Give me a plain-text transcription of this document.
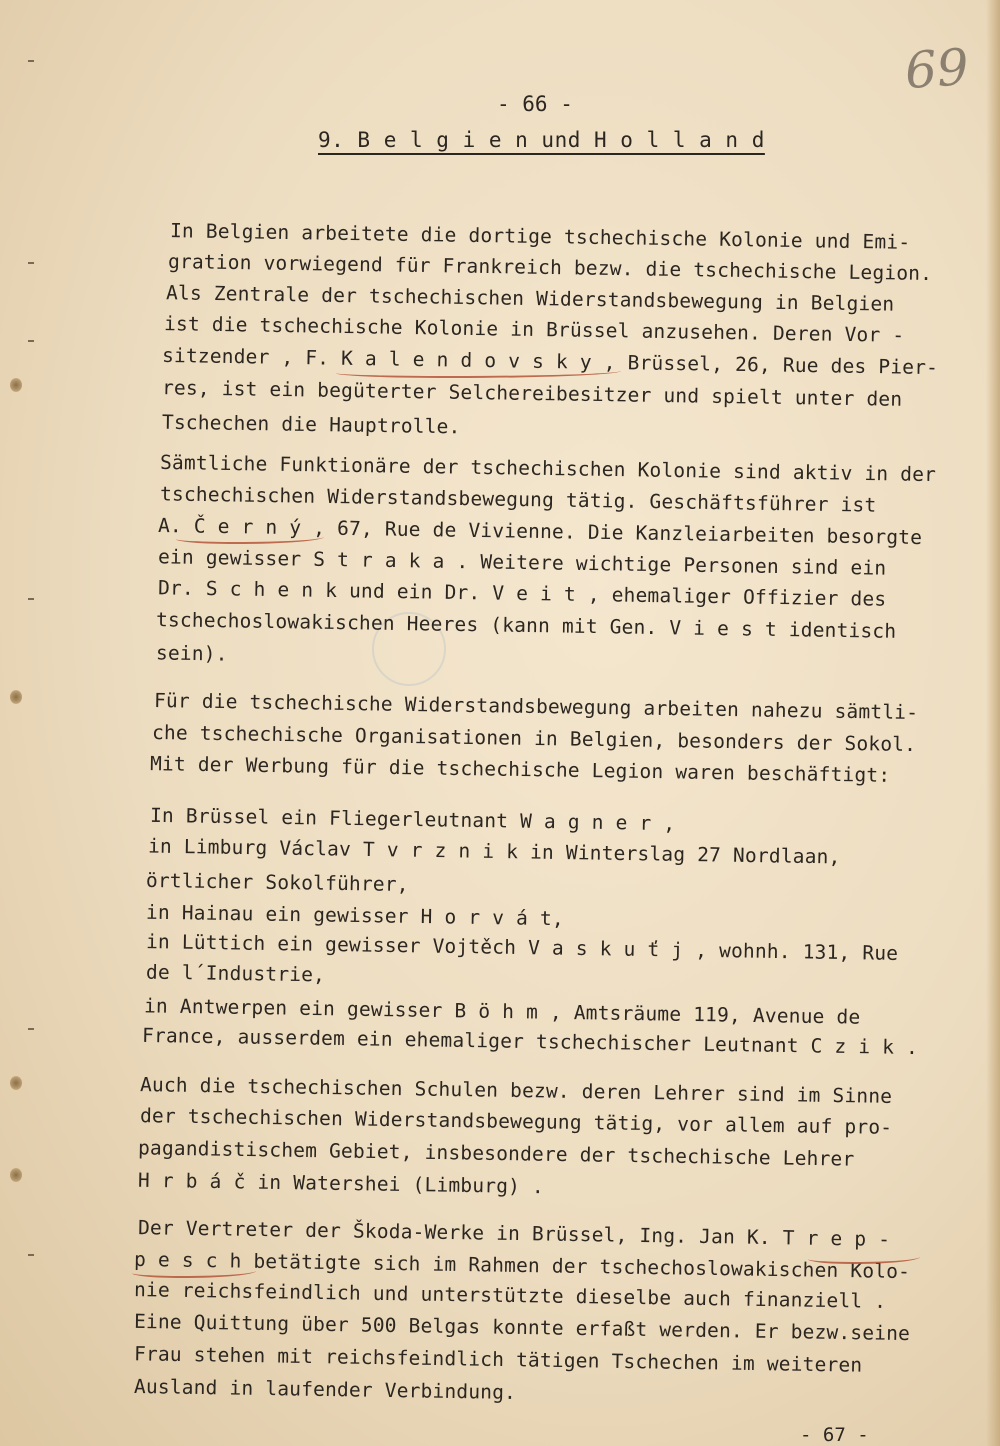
69
- 66 -
9. B e l g i e n und H o l l a n d
In Belgien arbeitete die dortige tschechische Kolonie und Emi-
gration vorwiegend für Frankreich bezw. die tschechische Legion.
Als Zentrale der tschechischen Widerstandsbewegung in Belgien
ist die tschechische Kolonie in Brüssel anzusehen. Deren Vor -
sitzender , F. K a l e n d o v s k y , Brüssel, 26, Rue des Pier-
res, ist ein begüterter Selchereibesitzer und spielt unter den
Tschechen die Hauptrolle.
Sämtliche Funktionäre der tschechischen Kolonie sind aktiv in der
tschechischen Widerstandsbewegung tätig. Geschäftsführer ist
A. Č e r n ý , 67, Rue de Vivienne. Die Kanzleiarbeiten besorgte
ein gewisser S t r a k a . Weitere wichtige Personen sind ein
Dr. S c h e n k und ein Dr. V e i t , ehemaliger Offizier des
tschechoslowakischen Heeres (kann mit Gen. V i e s t identisch
sein).
Für die tschechische Widerstandsbewegung arbeiten nahezu sämtli-
che tschechische Organisationen in Belgien, besonders der Sokol.
Mit der Werbung für die tschechische Legion waren beschäftigt:
In Brüssel ein Fliegerleutnant W a g n e r ,
in Limburg Václav T v r z n i k in Winterslag 27 Nordlaan,
örtlicher Sokolführer,
in Hainau ein gewisser H o r v á t,
in Lüttich ein gewisser Vojtěch V a s k u ť j , wohnh. 131, Rue
de l´Industrie,
in Antwerpen ein gewisser B ö h m , Amtsräume 119, Avenue de
France, ausserdem ein ehemaliger tschechischer Leutnant C z i k .
Auch die tschechischen Schulen bezw. deren Lehrer sind im Sinne
der tschechischen Widerstandsbewegung tätig, vor allem auf pro-
pagandistischem Gebiet, insbesondere der tschechische Lehrer
H r b á č in Watershei (Limburg) .
Der Vertreter der Škoda-Werke in Brüssel, Ing. Jan K. T r e p -
p e s c h betätigte sich im Rahmen der tschechoslowakischen Kolo-
nie reichsfeindlich und unterstützte dieselbe auch finanziell .
Eine Quittung über 500 Belgas konnte erfaßt werden. Er bezw.seine
Frau stehen mit reichsfeindlich tätigen Tschechen im weiteren
Ausland in laufender Verbindung.
- 67 -
